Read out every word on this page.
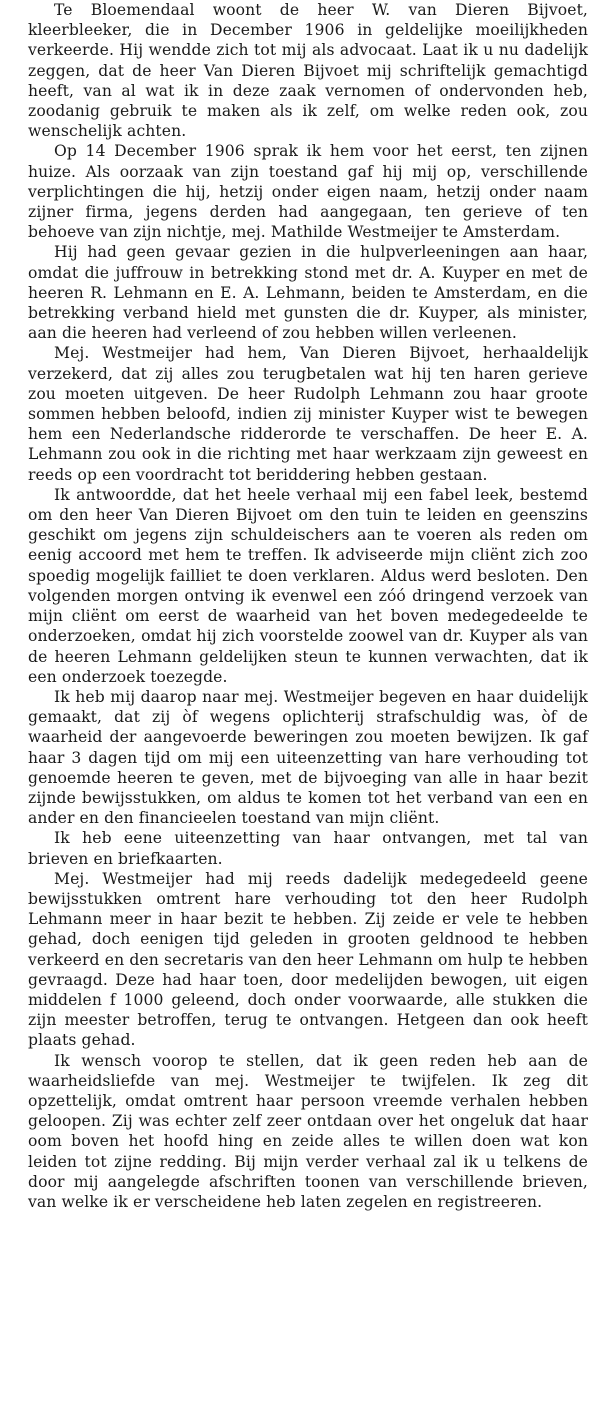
Te Bloemendaal woont de heer W. van Dieren Bijvoet, kleerbleeker, die in December 1906 in geldelijke moeilijkheden verkeerde. Hij wendde zich tot mij als advocaat. Laat ik u nu dadelijk zeggen, dat de heer Van Dieren Bijvoet mij schriftelijk gemachtigd heeft, van al wat ik in deze zaak vernomen of ondervonden heb, zoodanig gebruik te maken als ik zelf, om welke reden ook, zou wenschelijk achten.

Op 14 December 1906 sprak ik hem voor het eerst, ten zijnen huize. Als oorzaak van zijn toestand gaf hij mij op, verschillende verplichtingen die hij, hetzij onder eigen naam, hetzij onder naam zijner firma, jegens derden had aangegaan, ten gerieve of ten behoeve van zijn nichtje, mej. Mathilde Westmeijer te Amsterdam.

Hij had geen gevaar gezien in die hulpverleeningen aan haar, omdat die juffrouw in betrekking stond met dr. A. Kuyper en met de heeren R. Lehmann en E. A. Lehmann, beiden te Amsterdam, en die betrekking verband hield met gunsten die dr. Kuyper, als minister, aan die heeren had verleend of zou hebben willen verleenen.

Mej. Westmeijer had hem, Van Dieren Bijvoet, herhaaldelijk verzekerd, dat zij alles zou terugbetalen wat hij ten haren gerieve zou moeten uitgeven. De heer Rudolph Lehmann zou haar groote sommen hebben beloofd, indien zij minister Kuyper wist te bewegen hem een Nederlandsche ridderorde te verschaffen. De heer E. A. Lehmann zou ook in die richting met haar werkzaam zijn geweest en reeds op een voordracht tot beriddering hebben gestaan.

Ik antwoordde, dat het heele verhaal mij een fabel leek, bestemd om den heer Van Dieren Bijvoet om den tuin te leiden en geenszins geschikt om jegens zijn schuldeischers aan te voeren als reden om eenig accoord met hem te treffen. Ik adviseerde mijn cliënt zich zoo spoedig mogelijk failliet te doen verklaren. Aldus werd besloten. Den volgenden morgen ontving ik evenwel een zóó dringend verzoek van mijn cliënt om eerst de waarheid van het boven medegedeelde te onderzoeken, omdat hij zich voorstelde zoowel van dr. Kuyper als van de heeren Lehmann geldelijken steun te kunnen verwachten, dat ik een onderzoek toezegde.

Ik heb mij daarop naar mej. Westmeijer begeven en haar duidelijk gemaakt, dat zij òf wegens oplichterij strafschuldig was, òf de waarheid der aangevoerde beweringen zou moeten bewijzen. Ik gaf haar 3 dagen tijd om mij een uiteenzetting van hare verhouding tot genoemde heeren te geven, met de bijvoeging van alle in haar bezit zijnde bewijsstukken, om aldus te komen tot het verband van een en ander en den financieelen toestand van mijn cliënt.

Ik heb eene uiteenzetting van haar ontvangen, met tal van brieven en briefkaarten.

Mej. Westmeijer had mij reeds dadelijk medegedeeld geene bewijsstukken omtrent hare verhouding tot den heer Rudolph Lehmann meer in haar bezit te hebben. Zij zeide er vele te hebben gehad, doch eenigen tijd geleden in grooten geldnood te hebben verkeerd en den secretaris van den heer Lehmann om hulp te hebben gevraagd. Deze had haar toen, door medelijden bewogen, uit eigen middelen f 1000 geleend, doch onder voorwaarde, alle stukken die zijn meester betroffen, terug te ontvangen. Hetgeen dan ook heeft plaats gehad.

Ik wensch voorop te stellen, dat ik geen reden heb aan de waarheidsliefde van mej. Westmeijer te twijfelen. Ik zeg dit opzettelijk, omdat omtrent haar persoon vreemde verhalen hebben geloopen. Zij was echter zelf zeer ontdaan over het ongeluk dat haar oom boven het hoofd hing en zeide alles te willen doen wat kon leiden tot zijne redding. Bij mijn verder verhaal zal ik u telkens de door mij aangelegde afschriften toonen van verschillende brieven, van welke ik er verscheidene heb laten zegelen en registreeren.
